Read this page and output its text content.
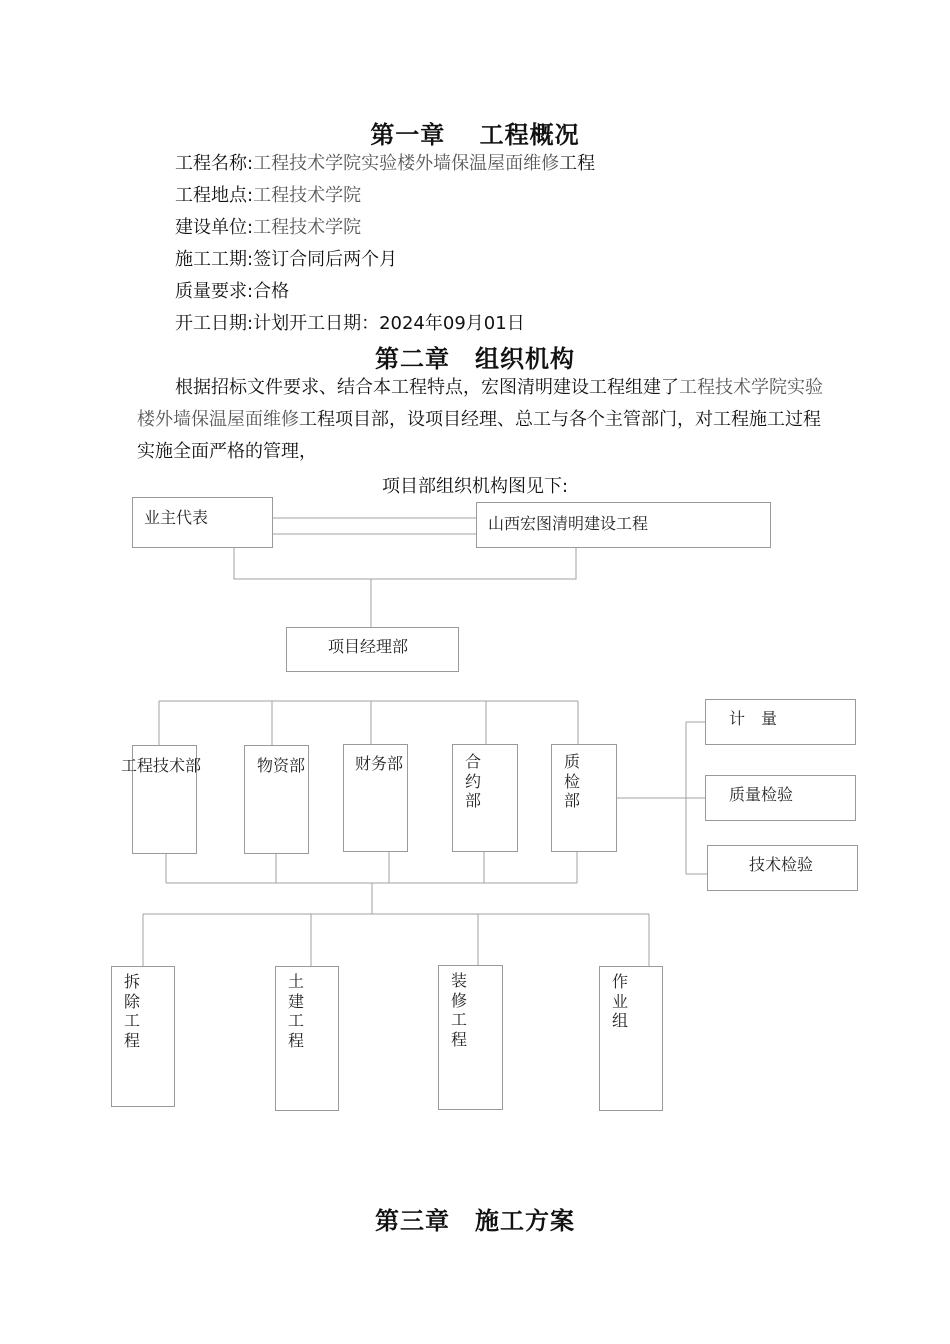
第一章　 工程概况
工程名称:工程技术学院实验楼外墙保温屋面维修工程
工程地点:工程技术学院
建设单位:工程技术学院
施工工期:签订合同后两个月
质量要求:合格
开工日期:计划开工日期：2024年09月01日
第二章　组织机构
根据招标文件要求、结合本工程特点，宏图清明建设工程组建了工程技术学院实验楼外墙保温屋面维修工程项目部，设项目经理、总工与各个主管部门，对工程施工过程实施全面严格的管理，
项目部组织机构图见下:
业主代表	山西宏图清明建设工程
项目经理部
工程技术部	物资部	财务部	合约部
质检部
计　量
质量检验
技术检验
拆除工程
土建工程
装修工程
作业组
第三章　施工方案
